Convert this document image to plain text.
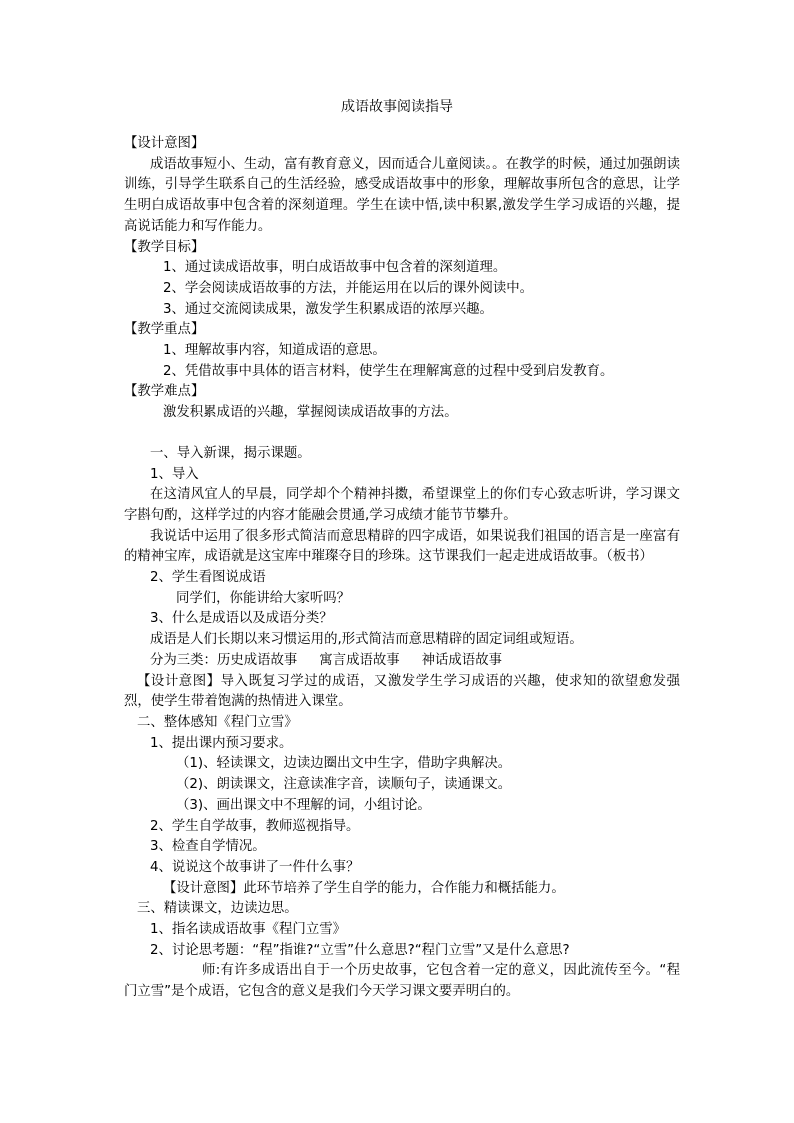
成语故事阅读指导

【设计意图】

成语故事短小、生动，富有教育意义，因而适合儿童阅读。。在教学的时候，通过加强朗读训练，引导学生联系自己的生活经验，感受成语故事中的形象，理解故事所包含的意思，让学生明白成语故事中包含着的深刻道理。学生在读中悟,读中积累,激发学生学习成语的兴趣，提高说话能力和写作能力。

【教学目标】

1、通过读成语故事，明白成语故事中包含着的深刻道理。

2、学会阅读成语故事的方法，并能运用在以后的课外阅读中。

3、通过交流阅读成果，激发学生积累成语的浓厚兴趣。

【教学重点】

1、理解故事内容，知道成语的意思。

2、凭借故事中具体的语言材料，使学生在理解寓意的过程中受到启发教育。

【教学难点】

激发积累成语的兴趣，掌握阅读成语故事的方法。

一、导入新课，揭示课题。

1、导入

在这清风宜人的早晨，同学却个个精神抖擞，希望课堂上的你们专心致志听讲，学习课文字斟句酌，这样学过的内容才能融会贯通,学习成绩才能节节攀升。

我说话中运用了很多形式简洁而意思精辟的四字成语，如果说我们祖国的语言是一座富有的精神宝库，成语就是这宝库中璀璨夺目的珍珠。这节课我们一起走进成语故事。（板书）

2、学生看图说成语

同学们，你能讲给大家听吗？

3、什么是成语以及成语分类？

成语是人们长期以来习惯运用的,形式简洁而意思精辟的固定词组或短语。

分为三类：历史成语故事 寓言成语故事 神话成语故事

【设计意图】导入既复习学过的成语，又激发学生学习成语的兴趣，使求知的欲望愈发强烈，使学生带着饱满的热情进入课堂。

二、整体感知《程门立雪》

1、提出课内预习要求。

（1)、轻读课文，边读边圈出文中生字，借助字典解决。

（2)、朗读课文，注意读准字音，读顺句子，读通课文。

（3)、画出课文中不理解的词，小组讨论。

2、学生自学故事，教师巡视指导。

3、检查自学情况。

4、说说这个故事讲了一件什么事？

【设计意图】此环节培养了学生自学的能力，合作能力和概括能力。

三、精读课文，边读边思。

1、指名读成语故事《程门立雪》

2、讨论思考题：“程”指谁?“立雪”什么意思?“程门立雪”又是什么意思?

师:有许多成语出自于一个历史故事，它包含着一定的意义，因此流传至今。“程门立雪”是个成语，它包含的意义是我们今天学习课文要弄明白的。
